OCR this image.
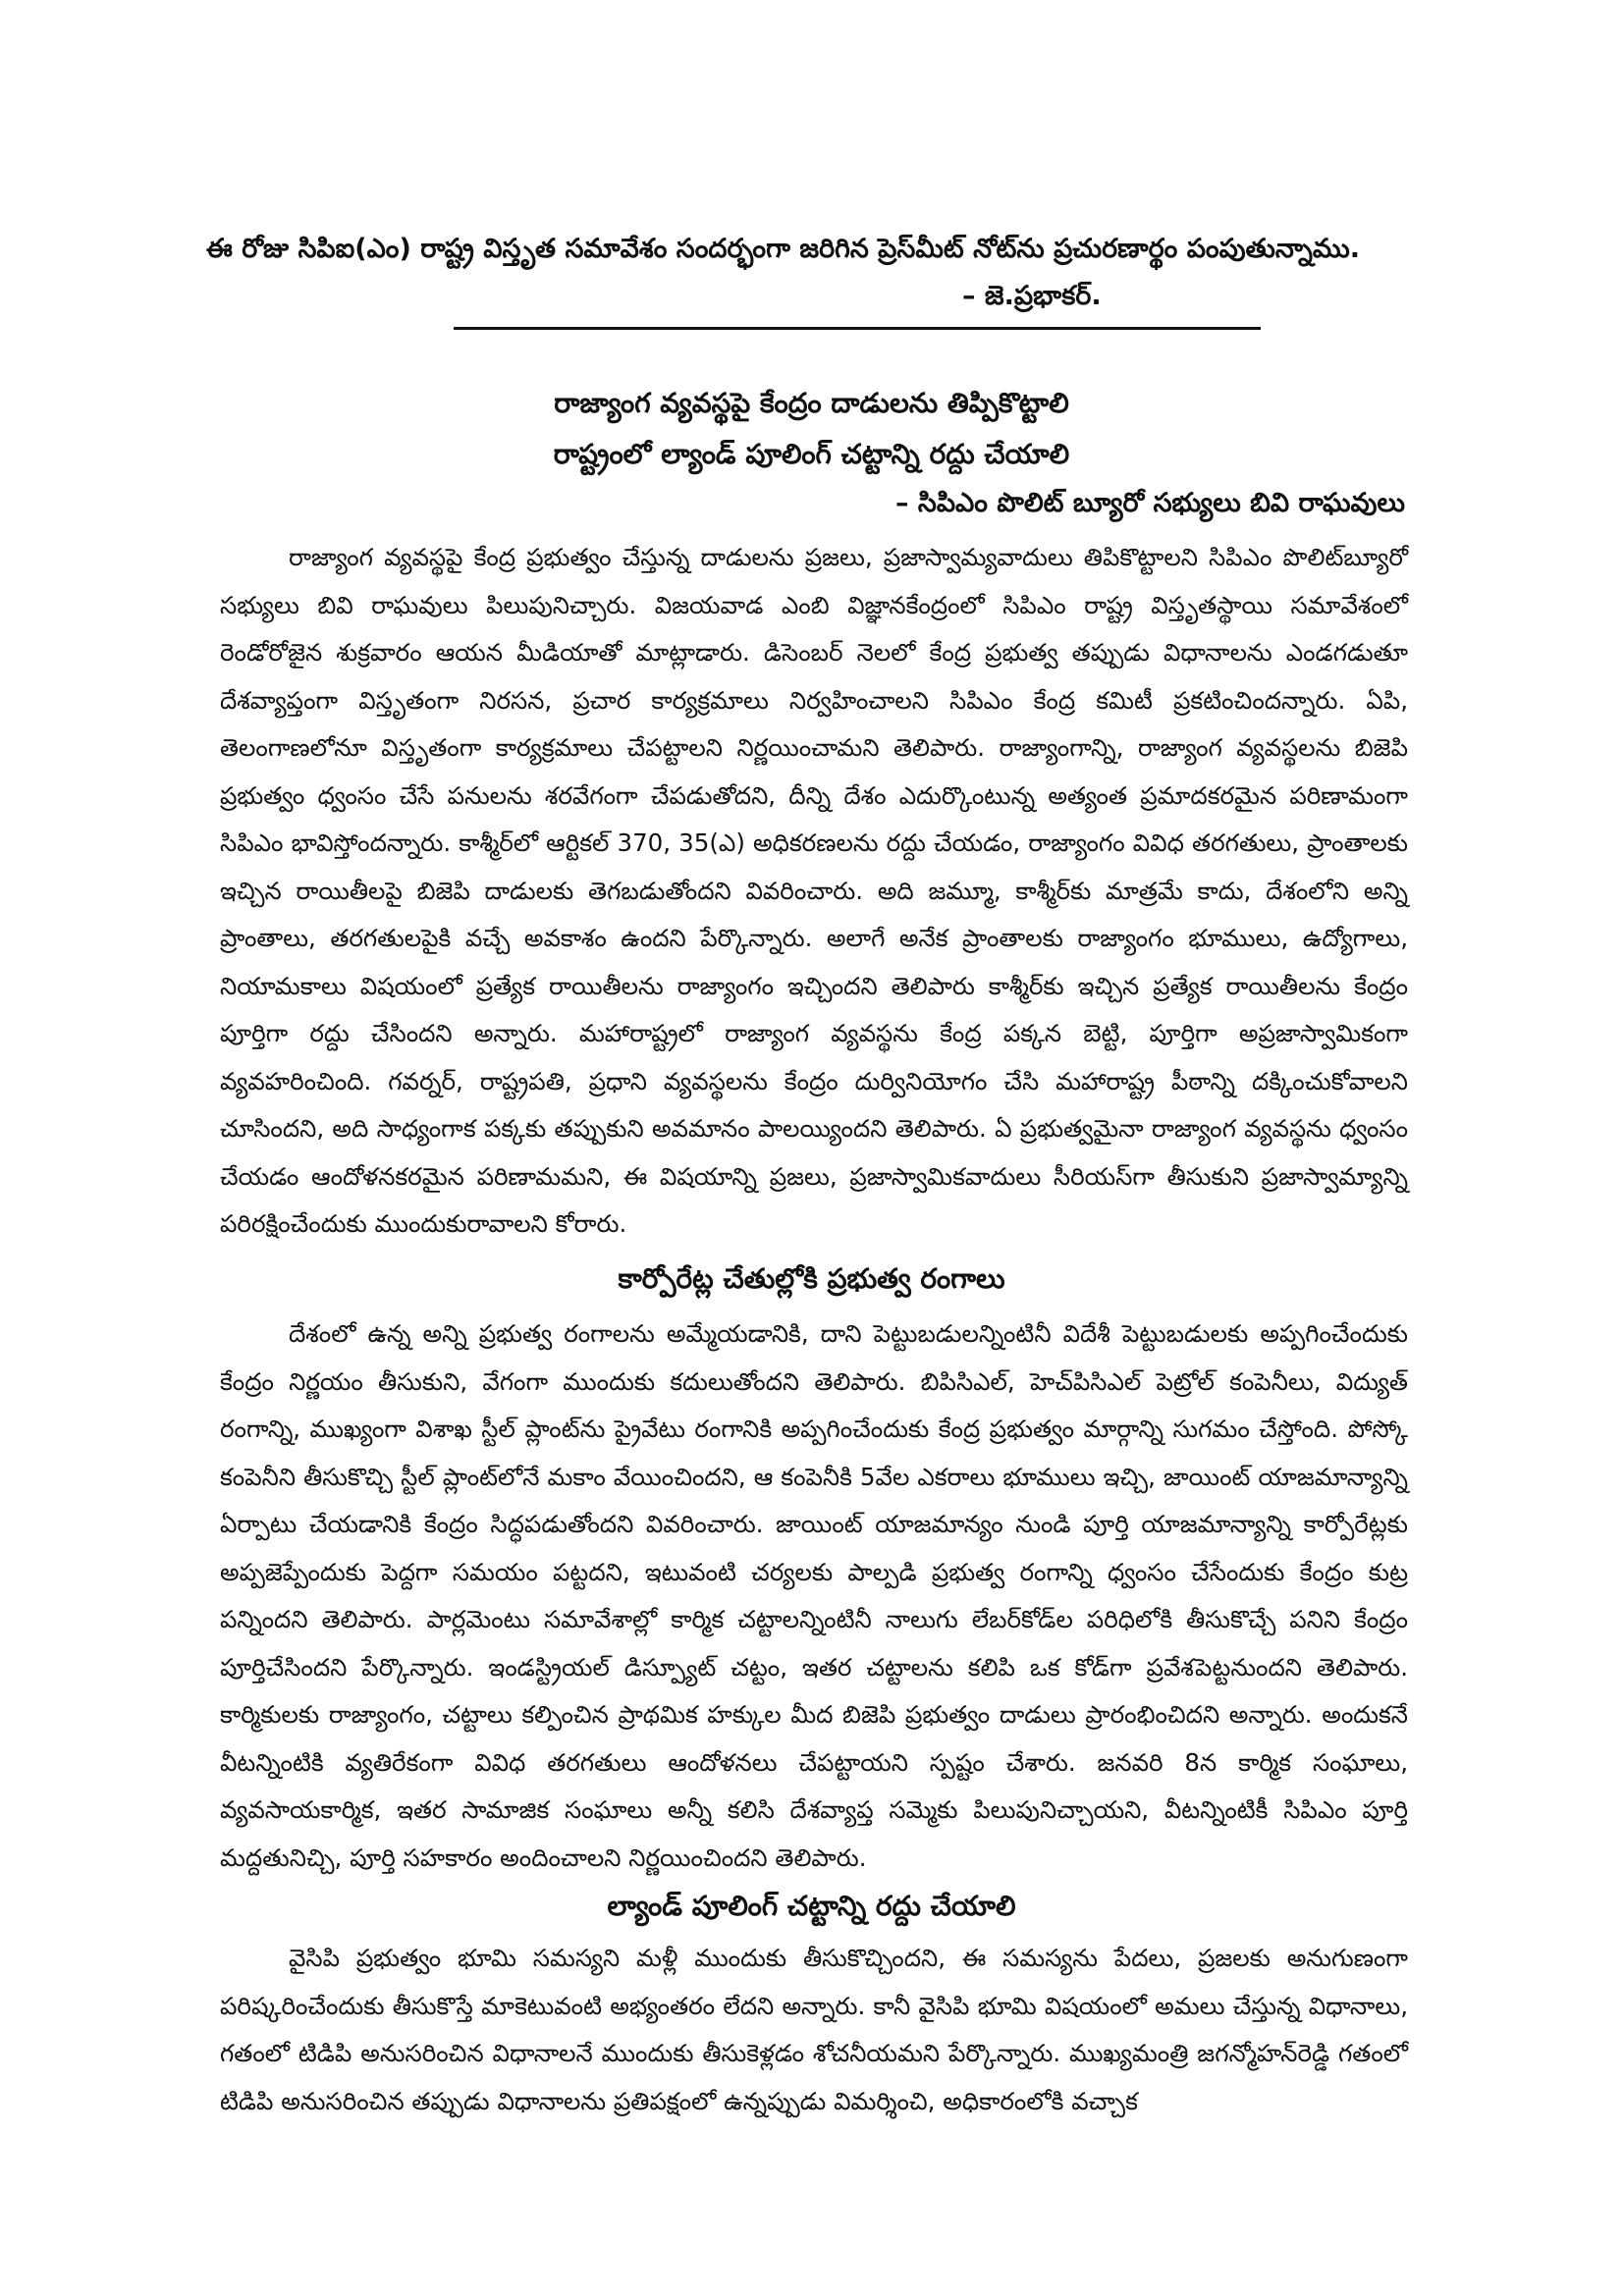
ఈ రోజు సిపిఐ(ఎం) రాష్ట్ర విస్తృత సమావేశం సందర్భంగా జరిగిన ప్రెస్‌మీట్ నోట్‌ను ప్రచురణార్థం పంపుతున్నాము.
– జె.ప్రభాకర్.
రాజ్యాంగ వ్యవస్థపై కేంద్రం దాడులను తిప్పికొట్టాలి
రాష్ట్రంలో ల్యాండ్ పూలింగ్ చట్టాన్ని రద్దు చేయాలి
– సిపిఎం పొలిట్ బ్యూరో సభ్యులు బివి రాఘవులు

రాజ్యాంగ వ్యవస్థపై కేంద్ర ప్రభుత్వం చేస్తున్న దాడులను ప్రజలు, ప్రజాస్వామ్యవాదులు తిపికొట్టాలని సిపిఎం పొలిట్‌బ్యూరో సభ్యులు బివి రాఘవులు పిలుపునిచ్చారు. విజయవాడ ఎంబి విజ్ఞానకేంద్రంలో సిపిఎం రాష్ట్ర విస్తృతస్థాయి సమావేశంలో రెండోరోజైన శుక్రవారం ఆయన మీడియాతో మాట్లాడారు. డిసెంబర్ నెలలో కేంద్ర ప్రభుత్వ తప్పుడు విధానాలను ఎండగడుతూ దేశవ్యాప్తంగా విస్తృతంగా నిరసన, ప్రచార కార్యక్రమాలు నిర్వహించాలని సిపిఎం కేంద్ర కమిటీ ప్రకటించిందన్నారు. ఏపి, తెలంగాణలోనూ విస్తృతంగా కార్యక్రమాలు చేపట్టాలని నిర్ణయించామని తెలిపారు. రాజ్యాంగాన్ని, రాజ్యాంగ వ్యవస్థలను బిజెపి ప్రభుత్వం ధ్వంసం చేసే పనులను శరవేగంగా చేపడుతోదని, దీన్ని దేశం ఎదుర్కొంటున్న అత్యంత ప్రమాదకరమైన పరిణామంగా సిపిఎం భావిస్తోందన్నారు. కాశ్మీర్‌లో ఆర్టికల్ 370, 35(ఎ) అధికరణలను రద్దు చేయడం, రాజ్యాంగం వివిధ తరగతులు, ప్రాంతాలకు ఇచ్చిన రాయితీలపై బిజెపి దాడులకు తెగబడుతోందని వివరించారు. అది జమ్మూ, కాశ్మీర్‌కు మాత్రమే కాదు, దేశంలోని అన్ని ప్రాంతాలు, తరగతులపైకి వచ్చే అవకాశం ఉందని పేర్కొన్నారు. అలాగే అనేక ప్రాంతాలకు రాజ్యాంగం భూములు, ఉద్యోగాలు, నియామకాలు విషయంలో ప్రత్యేక రాయితీలను రాజ్యాంగం ఇచ్చిందని తెలిపారు కాశ్మీర్‌కు ఇచ్చిన ప్రత్యేక రాయితీలను కేంద్రం పూర్తిగా రద్దు చేసిందని అన్నారు. మహారాష్ట్రలో రాజ్యాంగ వ్యవస్థను కేంద్ర పక్కన బెట్టి, పూర్తిగా అప్రజాస్వామికంగా వ్యవహరించింది. గవర్నర్, రాష్ట్రపతి, ప్రధాని వ్యవస్థలను కేంద్రం దుర్వినియోగం చేసి మహారాష్ట్ర పీఠాన్ని దక్కించుకోవాలని చూసిందని, అది సాధ్యంగాక పక్కకు తప్పుకుని అవమానం పాలయ్యిందని తెలిపారు. ఏ ప్రభుత్వమైనా రాజ్యాంగ వ్యవస్థను ధ్వంసం చేయడం ఆందోళనకరమైన పరిణామమని, ఈ విషయాన్ని ప్రజలు, ప్రజాస్వామికవాదులు సీరియస్‌గా తీసుకుని ప్రజాస్వామ్యాన్ని పరిరక్షించేందుకు ముందుకురావాలని కోరారు.

కార్పోరేట్ల చేతుల్లోకి ప్రభుత్వ రంగాలు

దేశంలో ఉన్న అన్ని ప్రభుత్వ రంగాలను అమ్మేయడానికి, దాని పెట్టుబడులన్నింటినీ విదేశీ పెట్టుబడులకు అప్పగించేందుకు కేంద్రం నిర్ణయం తీసుకుని, వేగంగా ముందుకు కదులుతోందని తెలిపారు. బిపిసిఎల్, హెచ్‌పిసిఎల్ పెట్రోల్ కంపెనీలు, విద్యుత్ రంగాన్ని, ముఖ్యంగా విశాఖ స్టీల్ ప్లాంట్‌ను ప్రైవేటు రంగానికి అప్పగించేందుకు కేంద్ర ప్రభుత్వం మార్గాన్ని సుగమం చేస్తోంది. పోస్కో కంపెనీని తీసుకొచ్చి స్టీల్ ప్లాంట్‌లోనే మకాం వేయించిందని, ఆ కంపెనీకి 5వేల ఎకరాలు భూములు ఇచ్చి, జాయింట్ యాజమాన్యాన్ని ఏర్పాటు చేయడానికి కేంద్రం సిద్ధపడుతోందని వివరించారు. జాయింట్ యాజమాన్యం నుండి పూర్తి యాజమాన్యాన్ని కార్పోరేట్లకు అప్పజెప్పేందుకు పెద్దగా సమయం పట్టదని, ఇటువంటి చర్యలకు పాల్పడి ప్రభుత్వ రంగాన్ని ధ్వంసం చేసేందుకు కేంద్రం కుట్ర పన్నిందని తెలిపారు. పార్లమెంటు సమావేశాల్లో కార్మిక చట్టాలన్నింటినీ నాలుగు లేబర్‌కోడ్‌ల పరిధిలోకి తీసుకొచ్చే పనిని కేంద్రం పూర్తిచేసిందని పేర్కొన్నారు. ఇండస్ట్రియల్ డిస్ప్యూట్ చట్టం, ఇతర చట్టాలను కలిపి ఒక కోడ్‌గా ప్రవేశపెట్టనుందని తెలిపారు. కార్మికులకు రాజ్యాంగం, చట్టాలు కల్పించిన ప్రాథమిక హక్కుల మీద బిజెపి ప్రభుత్వం దాడులు ప్రారంభించిదని అన్నారు. అందుకనే వీటన్నింటికి వ్యతిరేకంగా వివిధ తరగతులు ఆందోళనలు చేపట్టాయని స్పష్టం చేశారు. జనవరి 8న కార్మిక సంఘాలు, వ్యవసాయకార్మిక, ఇతర సామాజిక సంఘాలు అన్నీ కలిసి దేశవ్యాప్త సమ్మెకు పిలుపునిచ్చాయని, వీటన్నింటికీ సిపిఎం పూర్తి మద్దతునిచ్చి, పూర్తి సహకారం అందించాలని నిర్ణయించిందని తెలిపారు.

ల్యాండ్ పూలింగ్ చట్టాన్ని రద్దు చేయాలి

వైసిపి ప్రభుత్వం భూమి సమస్యని మళ్లీ ముందుకు తీసుకొచ్చిందని, ఈ సమస్యను పేదలు, ప్రజలకు అనుగుణంగా పరిష్కరించేందుకు తీసుకొస్తే మాకెటువంటి అభ్యంతరం లేదని అన్నారు. కానీ వైసిపి భూమి విషయంలో అమలు చేస్తున్న విధానాలు, గతంలో టిడిపి అనుసరించిన విధానాలనే ముందుకు తీసుకెళ్లడం శోచనీయమని పేర్కొన్నారు. ముఖ్యమంత్రి జగన్మోహన్‌రెడ్డి గతంలో టిడిపి అనుసరించిన తప్పుడు విధానాలను ప్రతిపక్షంలో ఉన్నప్పుడు విమర్శించి, అధికారంలోకి వచ్చాక
